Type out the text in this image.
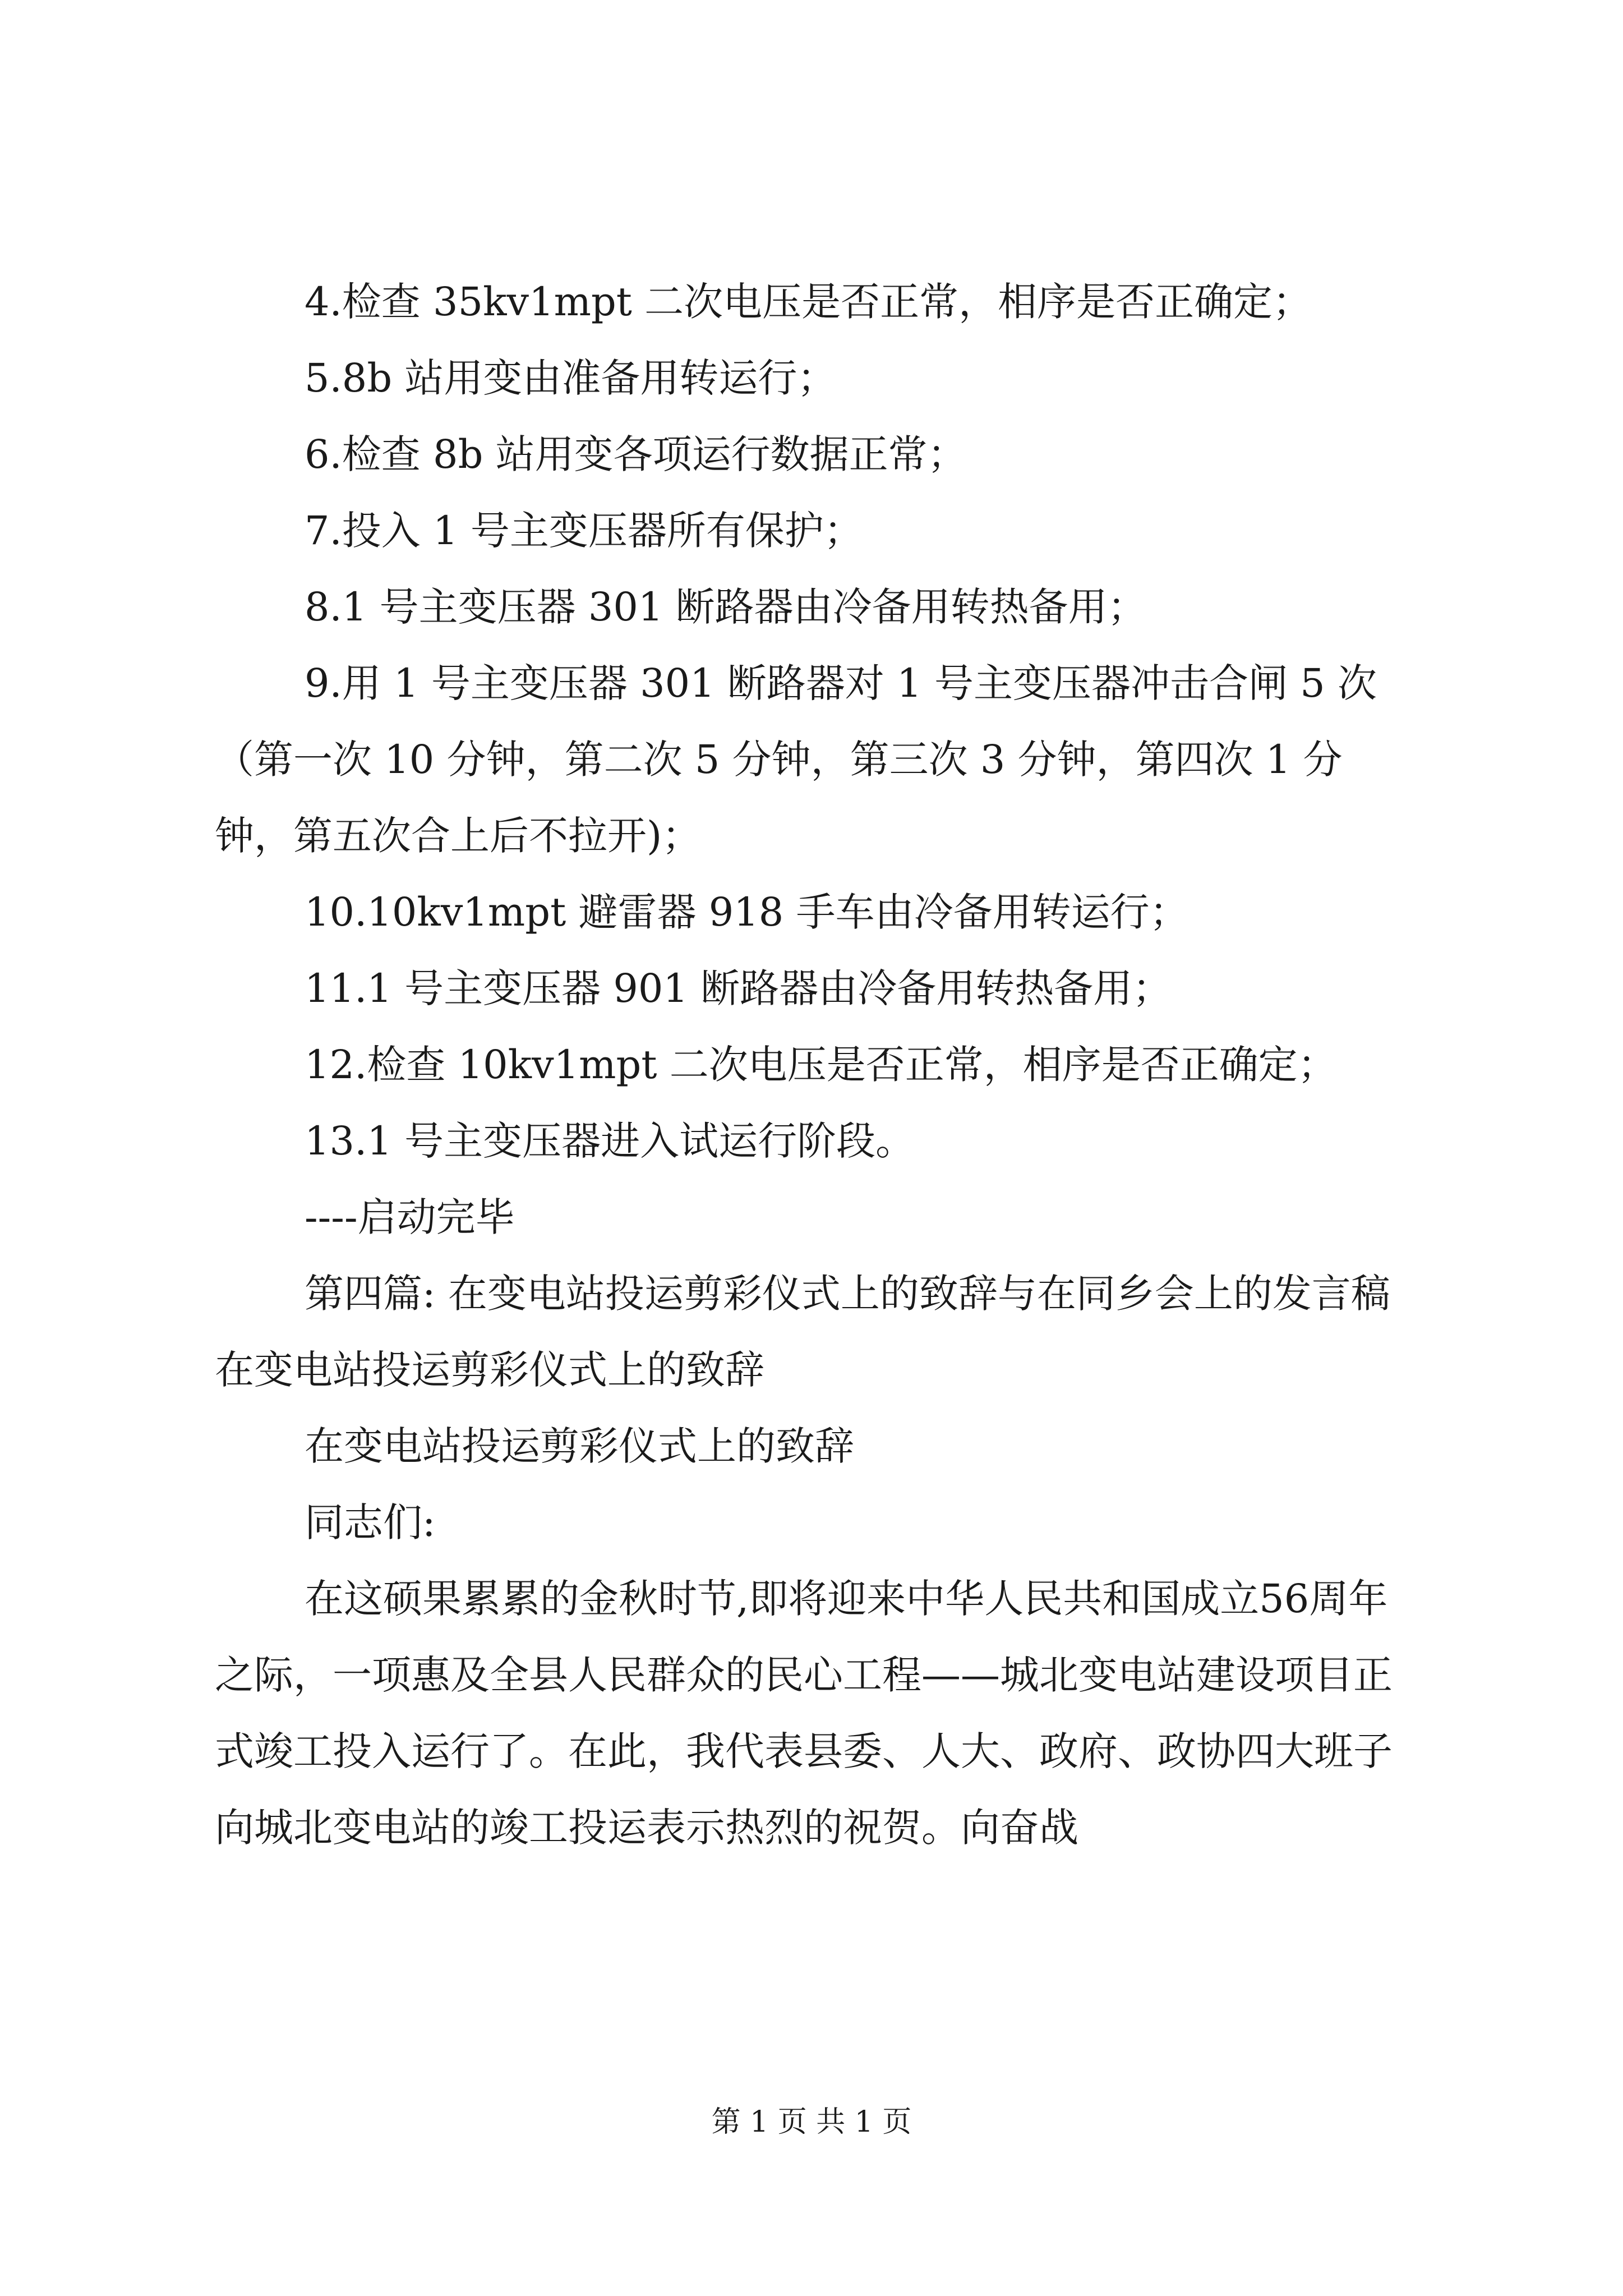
4.检查 35kv1mpt 二次电压是否正常，相序是否正确定；

5.8b 站用变由准备用转运行；

6.检查 8b 站用变各项运行数据正常；

7.投入 1 号主变压器所有保护；

8.1 号主变压器 301 断路器由冷备用转热备用；

9.用 1 号主变压器 301 断路器对 1 号主变压器冲击合闸 5 次（第一次 10 分钟，第二次 5 分钟，第三次 3 分钟，第四次 1 分钟，第五次合上后不拉开)；

10.10kv1mpt 避雷器 918 手车由冷备用转运行；

11.1 号主变压器 901 断路器由冷备用转热备用；

12.检查 10kv1mpt 二次电压是否正常，相序是否正确定；

13.1 号主变压器进入试运行阶段。

----启动完毕

第四篇: 在变电站投运剪彩仪式上的致辞与在同乡会上的发言稿在变电站投运剪彩仪式上的致辞

在变电站投运剪彩仪式上的致辞

同志们:

在这硕果累累的金秋时节,即将迎来中华人民共和国成立56周年之际，一项惠及全县人民群众的民心工程——城北变电站建设项目正式竣工投入运行了。在此，我代表县委、人大、政府、政协四大班子向城北变电站的竣工投运表示热烈的祝贺。向奋战

第 1 页 共 1 页
